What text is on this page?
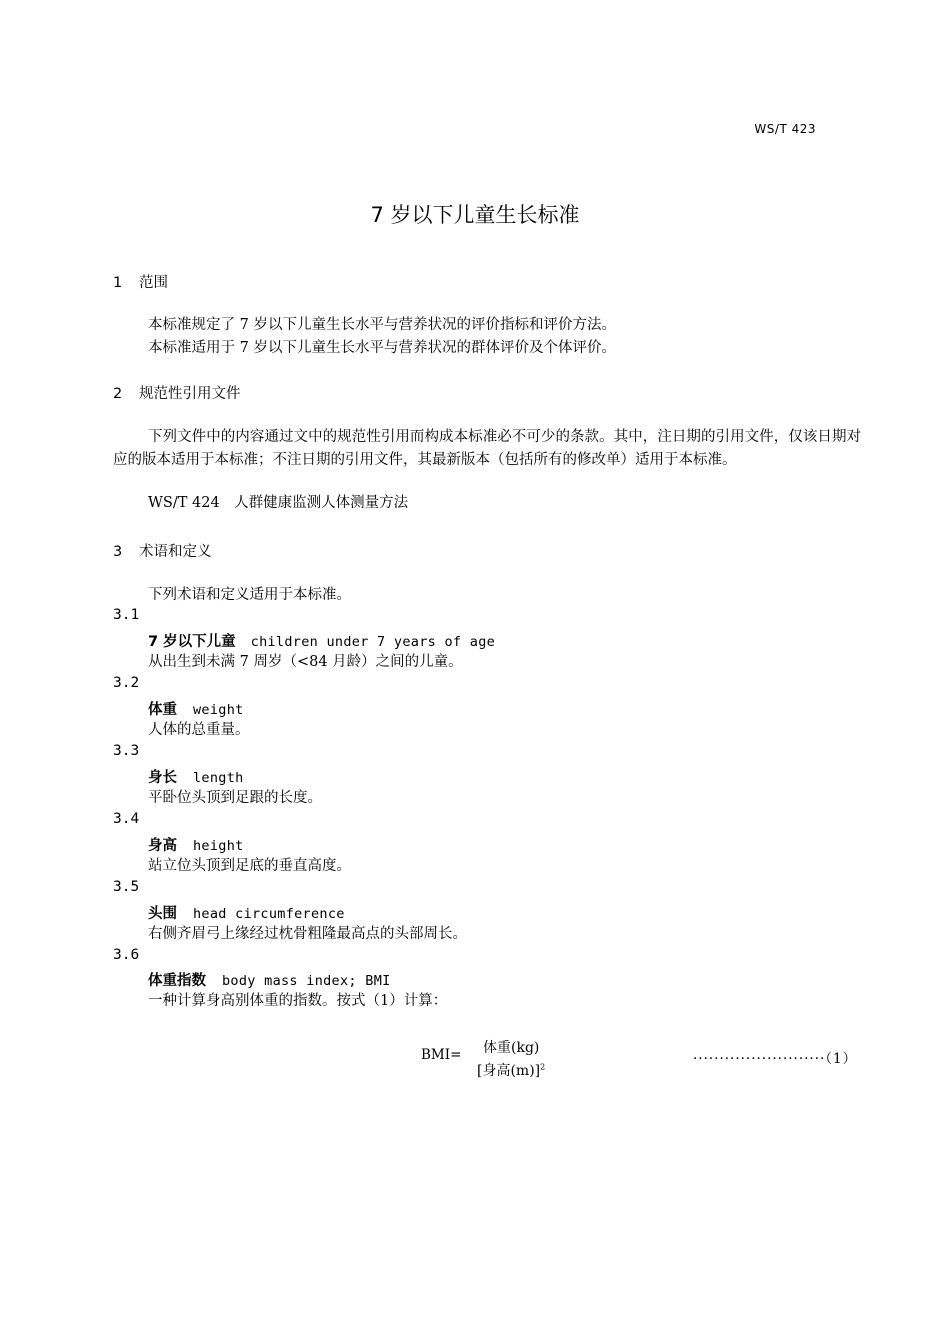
WS/T 423
7 岁以下儿童生长标准
1 范围
本标准规定了 7 岁以下儿童生长水平与营养状况的评价指标和评价方法。
本标准适用于 7 岁以下儿童生长水平与营养状况的群体评价及个体评价。
2 规范性引用文件
下列文件中的内容通过文中的规范性引用而构成本标准必不可少的条款。其中，注日期的引用文件，仅该日期对应的版本适用于本标准；不注日期的引用文件，其最新版本（包括所有的修改单）适用于本标准。
WS/T 424　人群健康监测人体测量方法
3 术语和定义
下列术语和定义适用于本标准。
3.1
7 岁以下儿童 children under 7 years of age
从出生到未满 7 周岁（<84 月龄）之间的儿童。
3.2
体重 weight
人体的总重量。
3.3
身长 length
平卧位头顶到足跟的长度。
3.4
身高 height
站立位头顶到足底的垂直高度。
3.5
头围 head circumference
右侧齐眉弓上缘经过枕骨粗隆最高点的头部周长。
3.6
体重指数 body mass index; BMI
一种计算身高别体重的指数。按式（1）计算：
BMI= 体重(kg)
[身高(m)]$^2$	·························（1）
